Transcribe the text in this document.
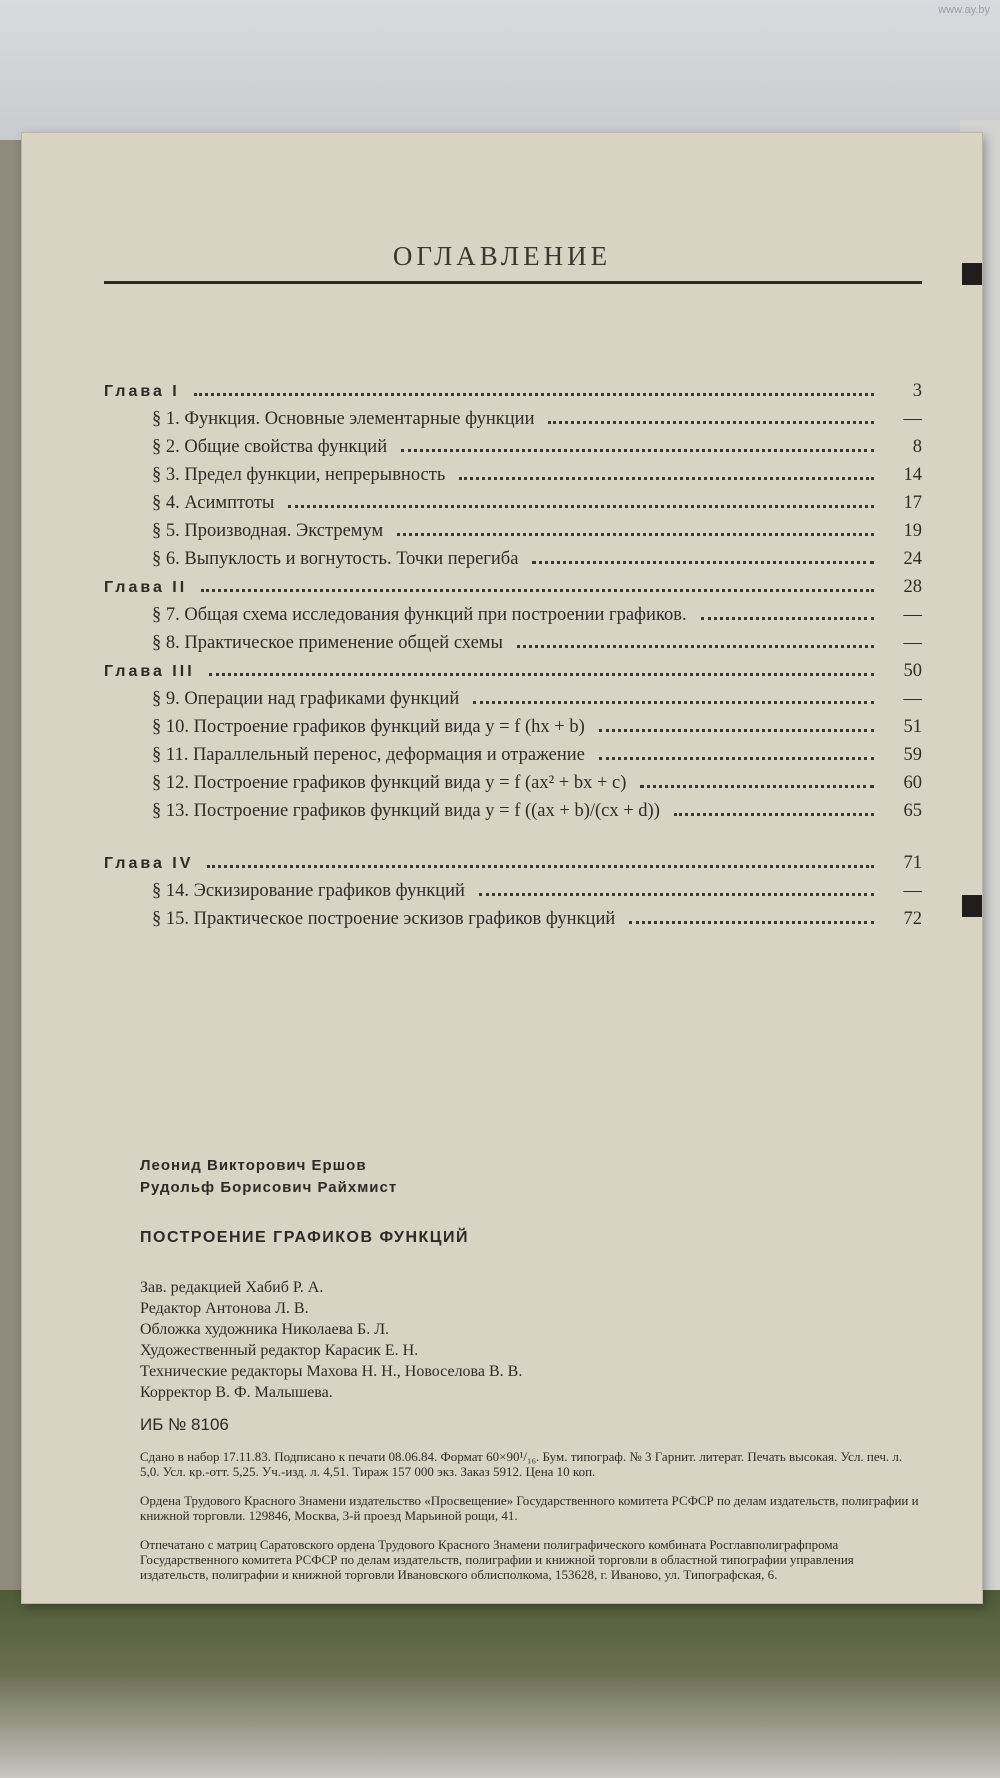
www.ay.by
ОГЛАВЛЕНИЕ
Глава I	3
§ 1. Функция. Основные элементарные функции	—
§ 2. Общие свойства функций	8
§ 3. Предел функции, непрерывность	14
§ 4. Асимптоты	17
§ 5. Производная. Экстремум	19
§ 6. Выпуклость и вогнутость. Точки перегиба	24
Глава II	28
§ 7. Общая схема исследования функций при построении графиков.	—
§ 8. Практическое применение общей схемы	—
Глава III	50
§ 9. Операции над графиками функций	—
§ 10. Построение графиков функций вида y = f (hx + b)	51
§ 11. Параллельный перенос, деформация и отражение	59
§ 12. Построение графиков функций вида y = f (ax² + bx + c)	60
§ 13. Построение графиков функций вида y = f ((ax + b)/(cx + d))	65
Глава IV	71
§ 14. Эскизирование графиков функций	—
§ 15. Практическое построение эскизов графиков функций	72
Леонид Викторович Ершов
Рудольф Борисович Райхмист
ПОСТРОЕНИЕ ГРАФИКОВ ФУНКЦИЙ
Зав. редакцией Хабиб Р. А.
Редактор Антонова Л. В.
Обложка художника Николаева Б. Л.
Художественный редактор Карасик Е. Н.
Технические редакторы Махова Н. Н., Новоселова В. В.
Корректор В. Ф. Малышева.
ИБ № 8106
Сдано в набор 17.11.83. Подписано к печати 08.06.84. Формат 60×90¹/₁₆. Бум. типограф. № 3 Гарнит. литерат. Печать высокая. Усл. печ. л. 5,0. Усл. кр.-отт. 5,25. Уч.-изд. л. 4,51. Тираж 157 000 экз. Заказ 5912. Цена 10 коп.
Ордена Трудового Красного Знамени издательство «Просвещение» Государственного комитета РСФСР по делам издательств, полиграфии и книжной торговли. 129846, Москва, 3-й проезд Марьиной рощи, 41.
Отпечатано с матриц Саратовского ордена Трудового Красного Знамени полиграфического комбината Росглавполиграфпрома Государственного комитета РСФСР по делам издательств, полиграфии и книжной торговли в областной типографии управления издательств, полиграфии и книжной торговли Ивановского облисполкома, 153628, г. Иваново, ул. Типографская, 6.
